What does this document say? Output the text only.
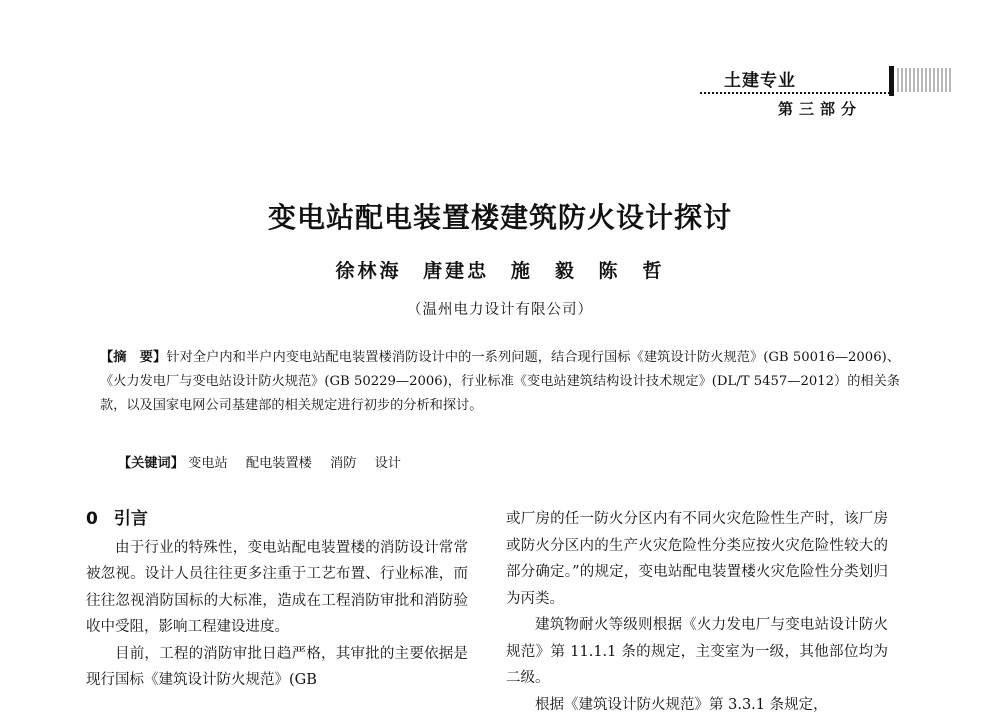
土建专业
第三部分
变电站配电装置楼建筑防火设计探讨
徐林海 唐建忠 施　毅 陈　哲
（温州电力设计有限公司）
【摘　要】针对全户内和半户内变电站配电装置楼消防设计中的一系列问题，结合现行国标《建筑设计防火规范》(GB 50016—2006)、《火力发电厂与变电站设计防火规范》(GB 50229—2006)，行业标准《变电站建筑结构设计技术规定》(DL/T 5457—2012）的相关条款，以及国家电网公司基建部的相关规定进行初步的分析和探讨。
【关键词】 变电站 配电装置楼 消防 设计
0 引言

由于行业的特殊性，变电站配电装置楼的消防设计常常被忽视。设计人员往往更多注重于工艺布置、行业标准，而往往忽视消防国标的大标准，造成在工程消防审批和消防验收中受阻，影响工程建设进度。

目前，工程的消防审批日趋严格，其审批的主要依据是现行国标《建筑设计防火规范》(GB

或厂房的任一防火分区内有不同火灾危险性生产时，该厂房或防火分区内的生产火灾危险性分类应按火灾危险性较大的部分确定。”的规定，变电站配电装置楼火灾危险性分类划归为丙类。

建筑物耐火等级则根据《火力发电厂与变电站设计防火规范》第 11.1.1 条的规定，主变室为一级，其他部位均为二级。

根据《建筑设计防火规范》第 3.3.1 条规定，
